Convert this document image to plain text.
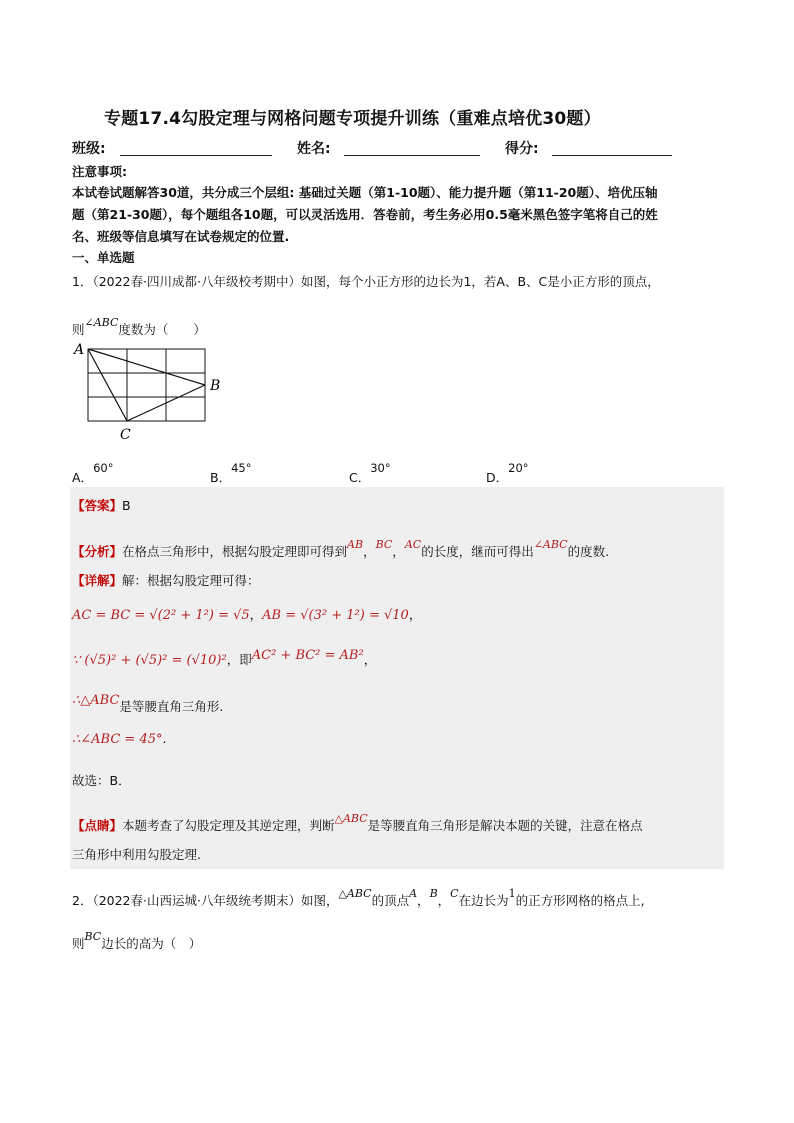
专题17.4勾股定理与网格问题专项提升训练（重难点培优30题）
班级:	姓名:	得分:
注意事项:
本试卷试题解答30道，共分成三个层组: 基础过关题（第1-10题）、能力提升题（第11-20题）、培优压轴
题（第21-30题），每个题组各10题，可以灵活选用．答卷前，考生务必用0.5毫米黑色签字笔将自己的姓
名、班级等信息填写在试卷规定的位置.
一、单选题
1．（2022春·四川成都·八年级校考期中）如图，每个小正方形的边长为1，若A、B、C是小正方形的顶点，
则∠ABC度数为（　　）
A
B
C
A．60°
B．45°
C．30°
D．20°
【答案】B
【分析】在格点三角形中，根据勾股定理即可得到AB，BC，AC的长度，继而可得出∠ABC的度数.
【详解】解：根据勾股定理可得：
AC = BC = √(2² + 1²) = √5，AB = √(3² + 1²) = √10，
∵ (√5)² + (√5)² = (√10)²，即AC² + BC² = AB²，
∴△ABC是等腰直角三角形.
∴∠ABC = 45°.
故选：B．
【点睛】本题考查了勾股定理及其逆定理，判断△ABC是等腰直角三角形是解决本题的关键，注意在格点
三角形中利用勾股定理.
2．（2022春·山西运城·八年级统考期末）如图，△ABC的顶点A，B，C在边长为1的正方形网格的格点上,
则BC边长的高为（　）
